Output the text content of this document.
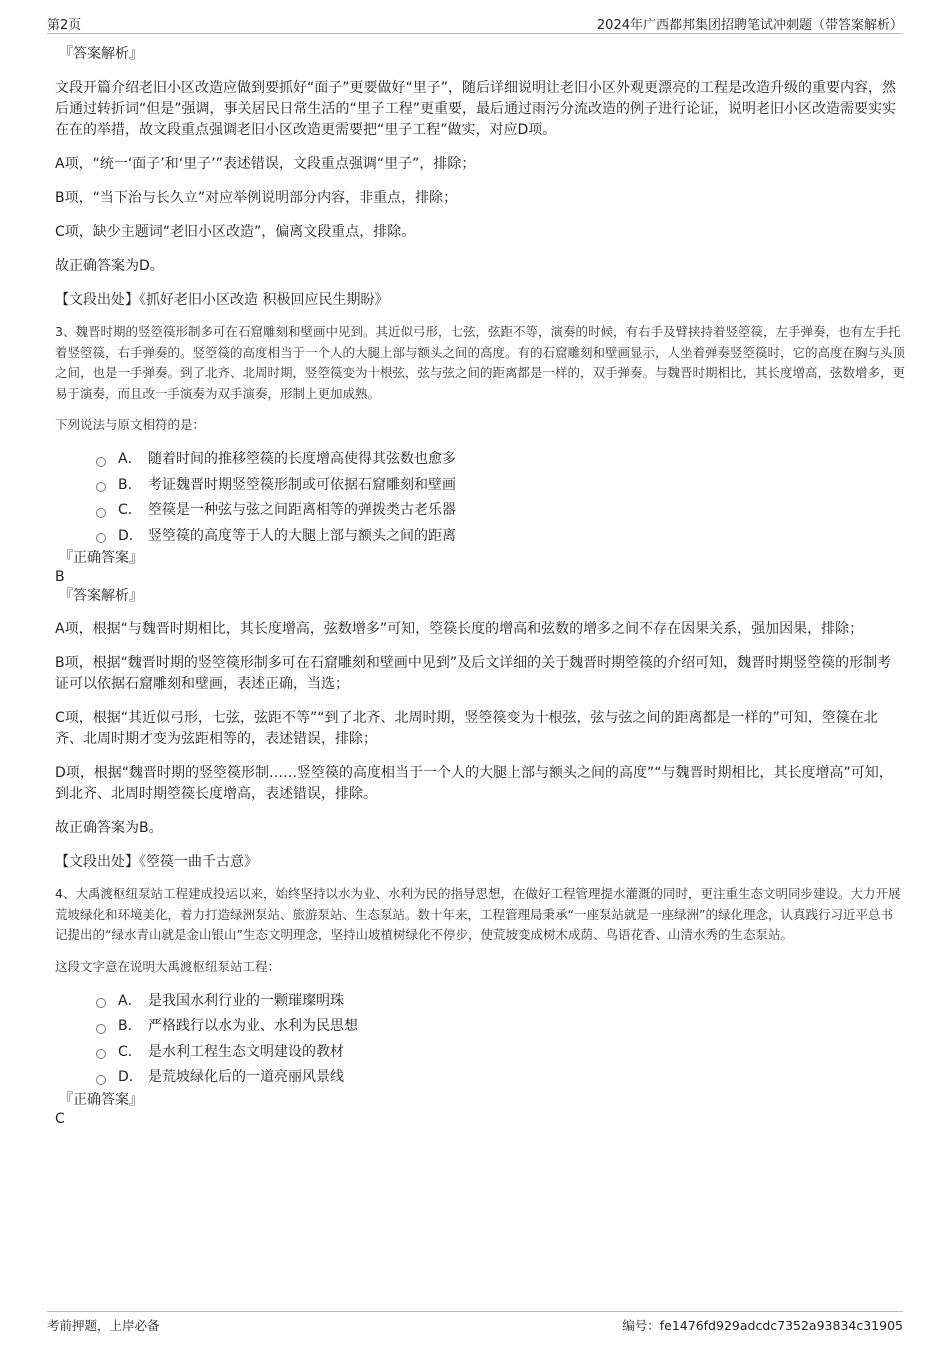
第2页	2024年广西都邦集团招聘笔试冲刺题（带答案解析）

『答案解析』

文段开篇介绍老旧小区改造应做到要抓好“面子”更要做好“里子”，随后详细说明让老旧小区外观更漂亮的工程是改造升级的重要内容，然后通过转折词“但是”强调，事关居民日常生活的“里子工程”更重要，最后通过雨污分流改造的例子进行论证，说明老旧小区改造需要实实在在的举措，故文段重点强调老旧小区改造更需要把“里子工程”做实，对应D项。

A项，“统一‘面子’和‘里子’”表述错误，文段重点强调“里子”，排除；

B项，“当下治与长久立”对应举例说明部分内容，非重点，排除；

C项，缺少主题词“老旧小区改造”，偏离文段重点，排除。

故正确答案为D。

【文段出处】《抓好老旧小区改造 积极回应民生期盼》

3、魏晋时期的竖箜篌形制多可在石窟雕刻和壁画中见到。其近似弓形，七弦，弦距不等，演奏的时候，有右手及臂挟持着竖箜篌，左手弹奏，也有左手托着竖箜篌，右手弹奏的。竖箜篌的高度相当于一个人的大腿上部与额头之间的高度。有的石窟雕刻和壁画显示，人坐着弹奏竖箜篌时，它的高度在胸与头顶之间，也是一手弹奏。到了北齐、北周时期，竖箜篌变为十根弦，弦与弦之间的距离都是一样的，双手弹奏。与魏晋时期相比，其长度增高，弦数增多，更易于演奏，而且改一手演奏为双手演奏，形制上更加成熟。

下列说法与原文相符的是：

A． 随着时间的推移箜篌的长度增高使得其弦数也愈多
B． 考证魏晋时期竖箜篌形制或可依据石窟雕刻和壁画
C． 箜篌是一种弦与弦之间距离相等的弹拨类古老乐器
D． 竖箜篌的高度等于人的大腿上部与额头之间的距离

『正确答案』

B

『答案解析』

A项，根据“与魏晋时期相比，其长度增高，弦数增多”可知，箜篌长度的增高和弦数的增多之间不存在因果关系，强加因果，排除；

B项，根据“魏晋时期的竖箜篌形制多可在石窟雕刻和壁画中见到”及后文详细的关于魏晋时期箜篌的介绍可知，魏晋时期竖箜篌的形制考证可以依据石窟雕刻和壁画，表述正确，当选；

C项，根据“其近似弓形，七弦，弦距不等”“到了北齐、北周时期，竖箜篌变为十根弦，弦与弦之间的距离都是一样的”可知，箜篌在北齐、北周时期才变为弦距相等的，表述错误，排除；

D项，根据“魏晋时期的竖箜篌形制……竖箜篌的高度相当于一个人的大腿上部与额头之间的高度”“与魏晋时期相比，其长度增高”可知，到北齐、北周时期箜篌长度增高，表述错误，排除。

故正确答案为B。

【文段出处】《箜篌一曲千古意》

4、大禹渡枢纽泵站工程建成投运以来，始终坚持以水为业、水利为民的指导思想，在做好工程管理提水灌溉的同时，更注重生态文明同步建设。大力开展荒坡绿化和环境美化，着力打造绿洲泵站、旅游泵站、生态泵站。数十年来，工程管理局秉承“一座泵站就是一座绿洲”的绿化理念，认真践行习近平总书记提出的“绿水青山就是金山银山”生态文明理念，坚持山坡植树绿化不停步，使荒坡变成树木成荫、鸟语花香、山清水秀的生态泵站。

这段文字意在说明大禹渡枢纽泵站工程：

A． 是我国水利行业的一颗璀璨明珠
B． 严格践行以水为业、水利为民思想
C． 是水利工程生态文明建设的教材
D． 是荒坡绿化后的一道亮丽风景线

『正确答案』

C

考前押题，上岸必备	编号：fe1476fd929adcdc7352a93834c31905
